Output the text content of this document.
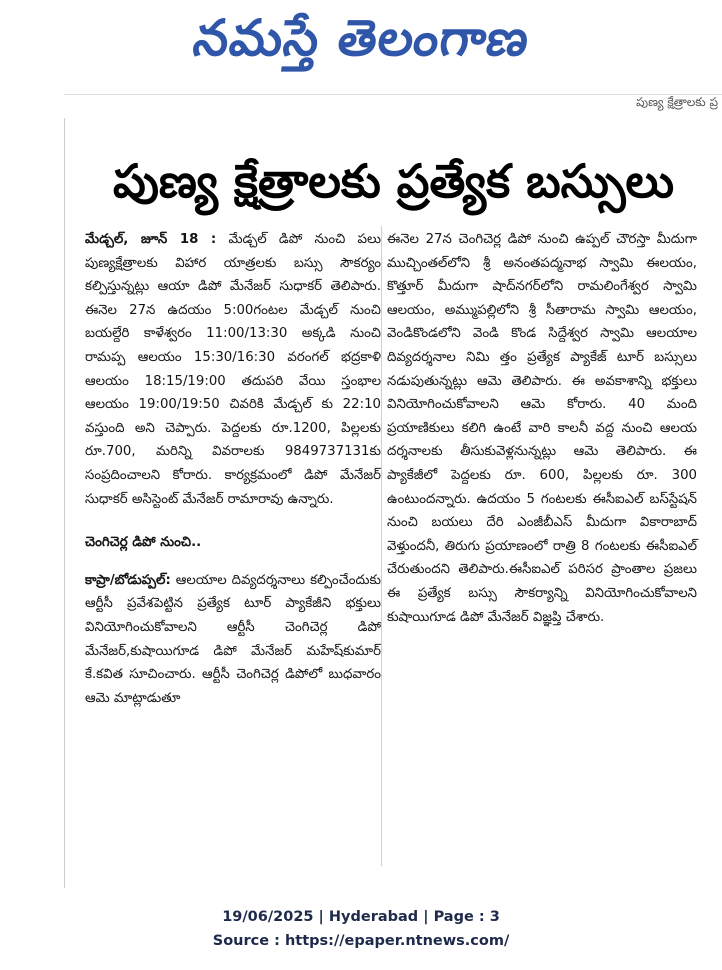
నమస్తే తెలంగాణ
పుణ్య క్షేత్రాలకు ప్ర
పుణ్య క్షేత్రాలకు ప్రత్యేక బస్సులు

మేడ్చల్, జూన్ 18 : మేడ్చల్ డిపో నుంచి పలు పుణ్యక్షేత్రాలకు విహార యాత్రలకు బస్సు సౌకర్యం కల్పిస్తున్నట్లు ఆయా డిపో మేనేజర్ సుధాకర్ తెలిపారు. ఈనెల 27న ఉదయం 5:00గంటల మేడ్చల్ నుంచి బయల్దేరి కాళేశ్వరం 11:00/13:30 అక్కడి నుంచి రామప్ప ఆలయం 15:30/16:30 వరంగల్ భద్రకాళి ఆలయం 18:15/19:00 తదుపరి వేయి స్తంభాల ఆలయం 19:00/19:50 చివరికి మేడ్చల్ కు 22:10 వస్తుంది అని చెప్పారు. పెద్దలకు రూ.1200, పిల్లలకు రూ.700, మరిన్ని వివరాలకు 9849737131కు సంప్రదించాలని కోరారు. కార్యక్రమంలో డిపో మేనేజర్ సుధాకర్ అసిస్టెంట్ మేనేజర్ రామారావు ఉన్నారు.

చెంగిచెర్ల డిపో నుంచి..

కాప్రా/బోడుప్పల్: ఆలయాల దివ్యదర్శనాలు కల్పించేందుకు ఆర్టీసీ ప్రవేశపెట్టిన ప్రత్యేక టూర్ ప్యాకేజీని భక్తులు వినియోగించుకోవాలని ఆర్టీసీ చెంగిచెర్ల డిపో మేనేజర్,కుషాయిగూడ డిపో మేనేజర్ మహేష్‌కుమార్ కే.కవిత సూచించారు. ఆర్టీసీ చెంగిచెర్ల డిపోలో బుధవారం ఆమె మాట్లాడుతూ

ఈనెల 27న చెంగిచెర్ల డిపో నుంచి ఉప్పల్ చౌరస్తా మీదుగా ముచ్చింతల్‌లోని శ్రీ అనంతపద్మనాభ స్వామి ఈలయం, కొత్తూర్ మీదుగా షాద్‌నగర్‌లోని రామలింగేశ్వర స్వామి ఆలయం, అమ్ముపల్లిలోని శ్రీ సీతారామ స్వామి ఆలయం, వెండికొండలోని వెండి కొండ సిద్దేశ్వర స్వామి ఆలయాల దివ్యదర్శనాల నిమి త్తం ప్రత్యేక ప్యాకేజ్ టూర్ బస్సులు నడుపుతున్నట్లు ఆమె తెలిపారు. ఈ అవకాశాన్ని భక్తులు వినియోగించుకోవాలని ఆమె కోరారు. 40 మంది ప్రయాణికులు కలిగి ఉంటే వారి కాలనీ వద్ద నుంచి ఆలయ దర్శనాలకు తీసుకువెళ్లనున్నట్లు ఆమె తెలిపారు. ఈ ప్యాకేజీలో పెద్దలకు రూ. 600, పిల్లలకు రూ. 300 ఉంటుందన్నారు. ఉదయం 5 గంటలకు ఈసీఐఎల్ బస్‌స్టేషన్ నుంచి బయలు దేరి ఎంజీబీఎస్ మీదుగా వికారాబాద్ వెళ్తుందనీ, తిరుగు ప్రయాణంలో రాత్రి 8 గంటలకు ఈసీఐఎల్ చేరుతుందని తెలిపారు.ఈసీఐఎల్ పరిసర ప్రాంతాల ప్రజలు ఈ ప్రత్యేక బస్సు సౌకర్యాన్ని వినియోగించుకోవాలని కుషాయిగూడ డిపో మేనేజర్ విజ్ఞప్తి చేశారు.

19/06/2025 | Hyderabad | Page : 3
Source : https://epaper.ntnews.com/
